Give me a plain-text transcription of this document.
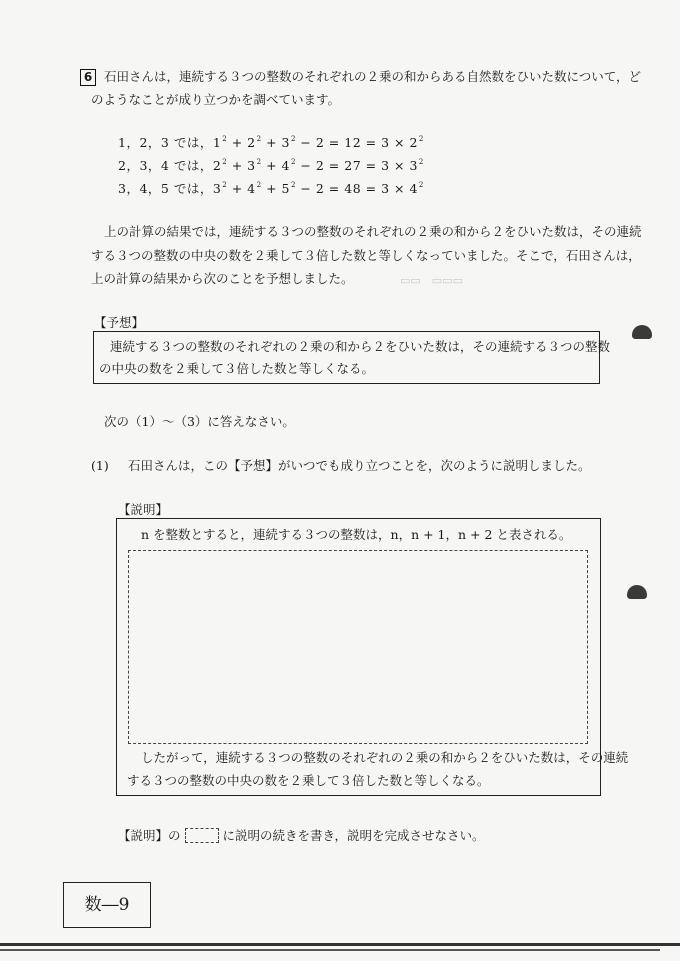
▭▭　▭▭▭
6 石田さんは，連続する３つの整数のそれぞれの２乗の和からある自然数をひいた数について，ど
のようなことが成り立つかを調べています。
1，2，3 では，$1^2 + 2^2 + 3^2 - 2 = 12 = 3 \times 2^2$
2，3，4 では，$2^2 + 3^2 + 4^2 - 2 = 27 = 3 \times 3^2$
3，4，5 では，$3^2 + 4^2 + 5^2 - 2 = 48 = 3 \times 4^2$
上の計算の結果では，連続する３つの整数のそれぞれの２乗の和から２をひいた数は，その連続
する３つの整数の中央の数を２乗して３倍した数と等しくなっていました。そこで，石田さんは，
上の計算の結果から次のことを予想しました。
【予想】
連続する３つの整数のそれぞれの２乗の和から２をひいた数は，その連続する３つの整数
の中央の数を２乗して３倍した数と等しくなる。
次の（1）～（3）に答えなさい。
(1) 石田さんは，この【予想】がいつでも成り立つことを，次のように説明しました。
【説明】
n を整数とすると，連続する３つの整数は，n，n + 1，n + 2 と表される。
したがって，連続する３つの整数のそれぞれの２乗の和から２をひいた数は，その連続
する３つの整数の中央の数を２乗して３倍した数と等しくなる。
【説明】の	に説明の続きを書き，説明を完成させなさい。
数―9
